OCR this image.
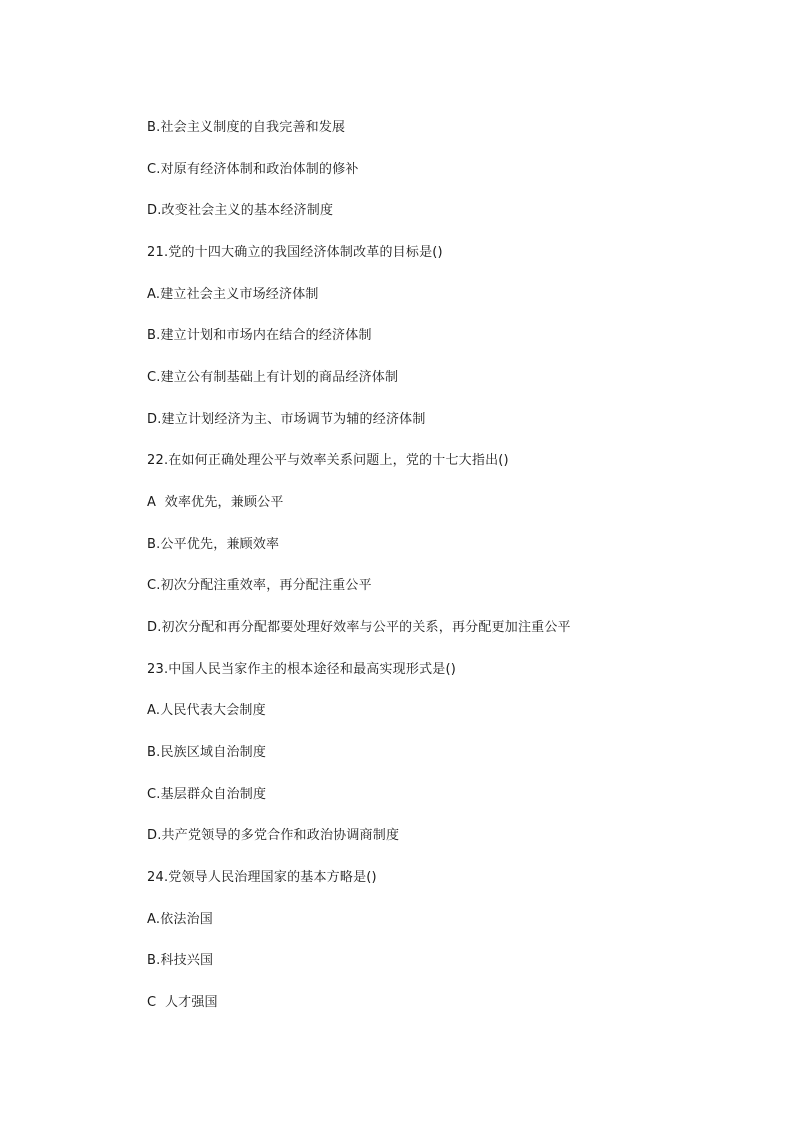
B.社会主义制度的自我完善和发展
C.对原有经济体制和政治体制的修补
D.改变社会主义的基本经济制度
21.党的十四大确立的我国经济体制改革的目标是()
A.建立社会主义市场经济体制
B.建立计划和市场内在结合的经济体制
C.建立公有制基础上有计划的商品经济体制
D.建立计划经济为主、市场调节为辅的经济体制
22.在如何正确处理公平与效率关系问题上，党的十七大指出()
A  效率优先，兼顾公平
B.公平优先，兼顾效率
C.初次分配注重效率，再分配注重公平
D.初次分配和再分配都要处理好效率与公平的关系，再分配更加注重公平
23.中国人民当家作主的根本途径和最高实现形式是()
A.人民代表大会制度
B.民族区域自治制度
C.基层群众自治制度
D.共产党领导的多党合作和政治协调商制度
24.党领导人民治理国家的基本方略是()
A.依法治国
B.科技兴国
C  人才强国
